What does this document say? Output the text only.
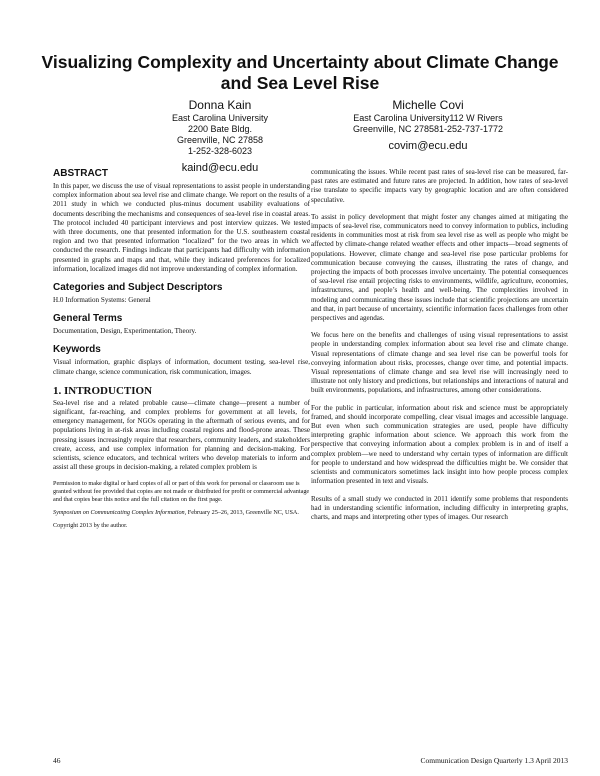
Visualizing Complexity and Uncertainty about Climate Change and Sea Level Rise
Donna Kain
East Carolina University
2200 Bate Bldg.
Greenville, NC 27858
1-252-328-6023
kaind@ecu.edu
Michelle Covi
East Carolina University112 W Rivers
Greenville, NC 278581-252-737-1772
covim@ecu.edu
ABSTRACT
In this paper, we discuss the use of visual representations to assist people in understanding complex information about sea level rise and climate change. We report on the results of a 2011 study in which we conducted plus-minus document usability evaluations of documents describing the mechanisms and consequences of sea-level rise in coastal areas. The protocol included 40 participant interviews and post interview quizzes. We tested with three documents, one that presented information for the U.S. southeastern coastal region and two that presented information “localized” for the two areas in which we conducted the research. Findings indicate that participants had difficulty with information presented in graphs and maps and that, while they indicated preferences for localized information, localized images did not improve understanding of complex information.
Categories and Subject Descriptors
H.0 Information Systems: General
General Terms
Documentation, Design, Experimentation, Theory.
Keywords
Visual information, graphic displays of information, document testing, sea-level rise, climate change, science communication, risk communication, images.
1. INTRODUCTION
Sea-level rise and a related probable cause—climate change—present a number of significant, far-reaching, and complex problems for government at all levels, for emergency management, for NGOs operating in the aftermath of serious events, and for populations living in at-risk areas including coastal regions and flood-prone areas. These pressing issues increasingly require that researchers, community leaders, and stakeholders create, access, and use complex information for planning and decision-making. For scientists, science educators, and technical writers who develop materials to inform and assist all these groups in decision-making, a related complex problem is
Permission to make digital or hard copies of all or part of this work for personal or classroom use is granted without fee provided that copies are not made or distributed for profit or commercial advantage and that copies bear this notice and the full citation on the first page.
Symposium on Communicating Complex Information, February 25–26, 2013, Greenville NC, USA.
Copyright 2013 by the author.
communicating the issues. While recent past rates of sea-level rise can be measured, far-past rates are estimated and future rates are projected. In addition, how rates of sea-level rise translate to specific impacts vary by geographic location and are often considered speculative.
To assist in policy development that might foster any changes aimed at mitigating the impacts of sea-level rise, communicators need to convey information to publics, including residents in communities most at risk from sea level rise as well as people who might be affected by climate-change related weather effects and other impacts—broad segments of populations. However, climate change and sea-level rise pose particular problems for communication because conveying the causes, illustrating the rates of change, and projecting the impacts of both processes involve uncertainty. The potential consequences of sea-level rise entail projecting risks to environments, wildlife, agriculture, economies, infrastructures, and people’s health and well-being. The complexities involved in modeling and communicating these issues include that scientific projections are uncertain and that, in part because of uncertainty, scientific information faces challenges from other perspectives and agendas.
We focus here on the benefits and challenges of using visual representations to assist people in understanding complex information about sea level rise and climate change. Visual representations of climate change and sea level rise can be powerful tools for conveying information about risks, processes, change over time, and potential impacts. Visual representations of climate change and sea level rise will increasingly need to illustrate not only history and predictions, but relationships and interactions of natural and built environments, populations, and infrastructures, among other considerations.
For the public in particular, information about risk and science must be appropriately framed, and should incorporate compelling, clear visual images and accessible language. But even when such communication strategies are used, people have difficulty interpreting graphic information about science. We approach this work from the perspective that conveying information about a complex problem is in and of itself a complex problem—we need to understand why certain types of information are difficult for people to understand and how widespread the difficulties might be. We consider that scientists and communicators sometimes lack insight into how people process complex information presented in text and visuals.
Results of a small study we conducted in 2011 identify some problems that respondents had in understanding scientific information, including difficulty in interpreting graphs, charts, and maps and interpreting other types of images. Our research
46	Communication Design Quarterly 1.3 April 2013
